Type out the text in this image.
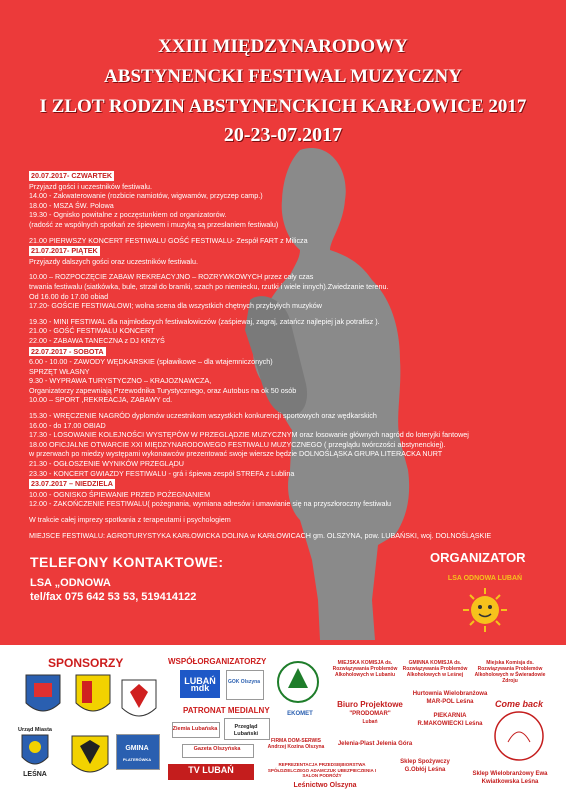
XXIII MIĘDZYNARODOWY
ABSTYNENCKI FESTIWAL MUZYCZNY
I ZLOT RODZIN ABSTYNENCKICH KARŁOWICE 2017
20-23-07.2017
20.07.2017- CZWARTEK
Przyjazd gości i uczestników festiwalu.
14.00 - Zakwaterowanie (rozbicie namiotów, wigwamów, przyczep camp.)
18.00 - MSZA ŚW. Polowa
19.30 - Ognisko powitalne z poczęstunkiem od organizatorów.
(radość ze wspólnych spotkań ze śpiewem i muzyką są przesłaniem festiwalu)
21.00 PIERWSZY KONCERT FESTIWALU GOŚĆ FESTIWALU- Zespół FART z Milicza
21.07.2017- PIĄTEK
Przyjazdy dalszych gości oraz uczestników festiwalu.
10.00 – ROZPOCZĘCIE ZABAW REKREACYJNO – ROZRYWKOWYCH przez cały czas
trwania festiwalu (siatkówka, bule, strzał do bramki, szach po niemiecku, rzutki i wiele innych).Zwiedzanie terenu.
Od 16.00 do 17.00 obiad
17.20- GOŚCIE FESTIWALOWI; wolna scena dla wszystkich chętnych przybyłych muzyków
19.30 - MINI FESTIWAL dla najmłodszych festiwalowiczów (zaśpiewaj, zagraj, zatańcz najlepiej jak potrafisz ).
21.00 - GOŚĆ FESTIWALU KONCERT
22.00 - ZABAWA TANECZNA z DJ KRZYŚ
22.07.2017 - SOBOTA
6.00 - 10.00 - ZAWODY WĘDKARSKIE (spławikowe – dla wtajemniczonych)
SPRZĘT WŁASNY
9.30 - WYPRAWA TURYSTYCZNO – KRAJOZNAWCZA,
Organizatorzy zapewniają Przewodnika Turystycznego, oraz Autobus na ok 50 osób
10.00 – SPORT ,REKREACJA, ZABAWY cd.
15.30 - WRĘCZENIE NAGRÓD dyplomów uczestnikom wszystkich konkurencji sportowych oraz wędkarskich
16.00 - do 17.00 OBIAD
17.30 - LOSOWANIE KOLEJNOŚCI WYSTĘPÓW W PRZEGLĄDZIE MUZYCZNYM oraz losowanie głównych nagród do loteryjki fantowej
18.00 OFICJALNE OTWARCIE XXI MIĘDZYNARODOWEGO FESTIWALU MUZYCZNEGO ( przeglądu twórczości abstynenckiej).
w przerwach po miedzy występami wykonawców prezentować swoje wiersze będzie DOLNOŚLĄSKA GRUPA LITERACKA NURT
21.30 - OGŁOSZENIE WYNIKÓW PRZEGLĄDU
23.30 - KONCERT GWIAZDY FESTIWALU - grá i śpiewa zespół STREFA z Lublina
23.07.2017 – NIEDZIELA
10.00 - OGNISKO ŚPIEWANIE PRZED POŻEGNANIEM
12.00 - ZAKOŃCZENIE FESTIWALU( pożegnania, wymiana adresów i umawianie się na przyszłoroczny festiwalu
W trakcie całej imprezy spotkania z terapeutami i psychologiem
MIEJSCE FESTIWALU: AGROTURYSTYKA KARŁOWICKA DOLINA w KARŁOWICACH gm. OLSZYNA, pow. LUBAŃSKI, woj. DOLNOŚLĄSKIE
TELEFONY KONTAKTOWE:
LSA „ODNOWA
tel/fax 075 642 53 53, 519414122
ORGANIZATOR
LSA ODNOWA LUBAŃ
SPONSORZY	WSPÓŁORGANIZATORZY
PATRONAT MEDIALNY
Urząd Miasta
LEŚNA
GMINA
PLATERÓWKA
LUBAŃ mdk
GOK Olszyna
Ziemia Lubańska	Przegląd Lubański
Gazeta Olszyńska
TV LUBAŃ
EKOMET
MIEJSKA KOMISJA ds. Rozwiązywania Problemów Alkoholowych w Lubaniu
GMINNA KOMISJA ds. Rozwiązywania Problemów Alkoholowych w Leśnej
Miejska Komisja ds. Rozwiązywania Problemów Alkoholowych w Świeradowie Zdroju
Biuro Projektowe
"PRODOMAR"
Lubań
FIRMA DOM-SERWIS Andrzej Kozina Olszyna	Jelenia-Plast Jelenia Góra
REPREZENTACJA PRZEDSIĘBIORSTWA SPÓŁDZIELCZEGO ADAMCZUK UBEZPIECZENIA I SALON PODRÓŻY
Leśnictwo Olszyna
Hurtownia Wielobranżowa MAR-POL Leśna
PIEKARNIA R.MAKOWIECKI Leśna
Sklep Spożywczy G.Obłój Leśna
Sklep Wielobranżowy Ewa Kwiatkowska Leśna
Come back
